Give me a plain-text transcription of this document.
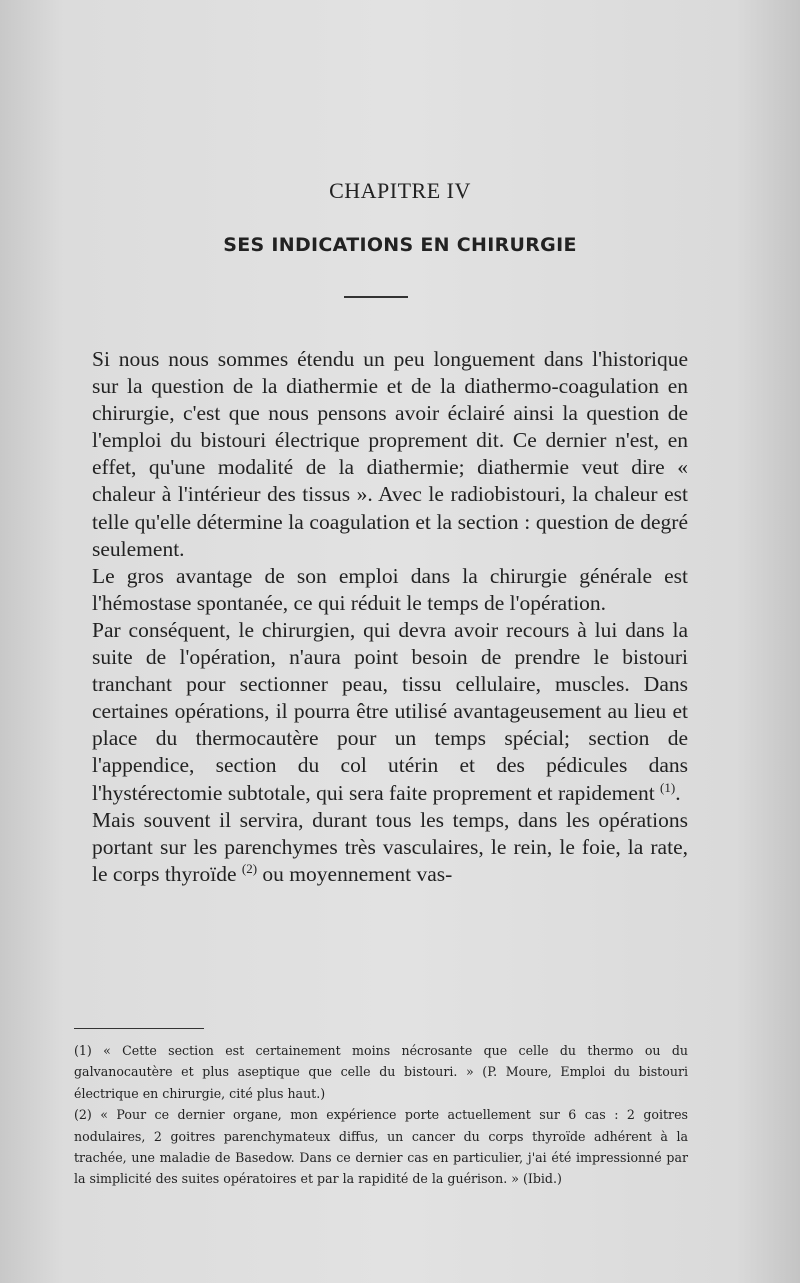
CHAPITRE IV
SES INDICATIONS EN CHIRURGIE

Si nous nous sommes étendu un peu longuement dans l'historique sur la question de la diathermie et de la diathermo-coagulation en chirurgie, c'est que nous pensons avoir éclairé ainsi la question de l'emploi du bistouri électrique proprement dit. Ce dernier n'est, en effet, qu'une modalité de la diathermie; diathermie veut dire « chaleur à l'intérieur des tissus ». Avec le radiobistouri, la chaleur est telle qu'elle détermine la coagulation et la section : question de degré seulement.

Le gros avantage de son emploi dans la chirurgie générale est l'hémostase spontanée, ce qui réduit le temps de l'opération.

Par conséquent, le chirurgien, qui devra avoir recours à lui dans la suite de l'opération, n'aura point besoin de prendre le bistouri tranchant pour sectionner peau, tissu cellulaire, muscles. Dans certaines opérations, il pourra être utilisé avantageusement au lieu et place du thermocautère pour un temps spécial; section de l'appendice, section du col utérin et des pédicules dans l'hystérectomie subtotale, qui sera faite proprement et rapidement $^{(1)}$.

Mais souvent il servira, durant tous les temps, dans les opérations portant sur les parenchymes très vasculaires, le rein, le foie, la rate, le corps thyroïde $^{(2)}$ ou moyennement vas-

(1) « Cette section est certainement moins nécrosante que celle du thermo ou du galvanocautère et plus aseptique que celle du bistouri. » (P. Moure, Emploi du bistouri électrique en chirurgie, cité plus haut.)

(2) « Pour ce dernier organe, mon expérience porte actuellement sur 6 cas : 2 goitres nodulaires, 2 goitres parenchymateux diffus, un cancer du corps thyroïde adhérent à la trachée, une maladie de Basedow. Dans ce dernier cas en particulier, j'ai été impressionné par la simplicité des suites opératoires et par la rapidité de la guérison. » (Ibid.)
